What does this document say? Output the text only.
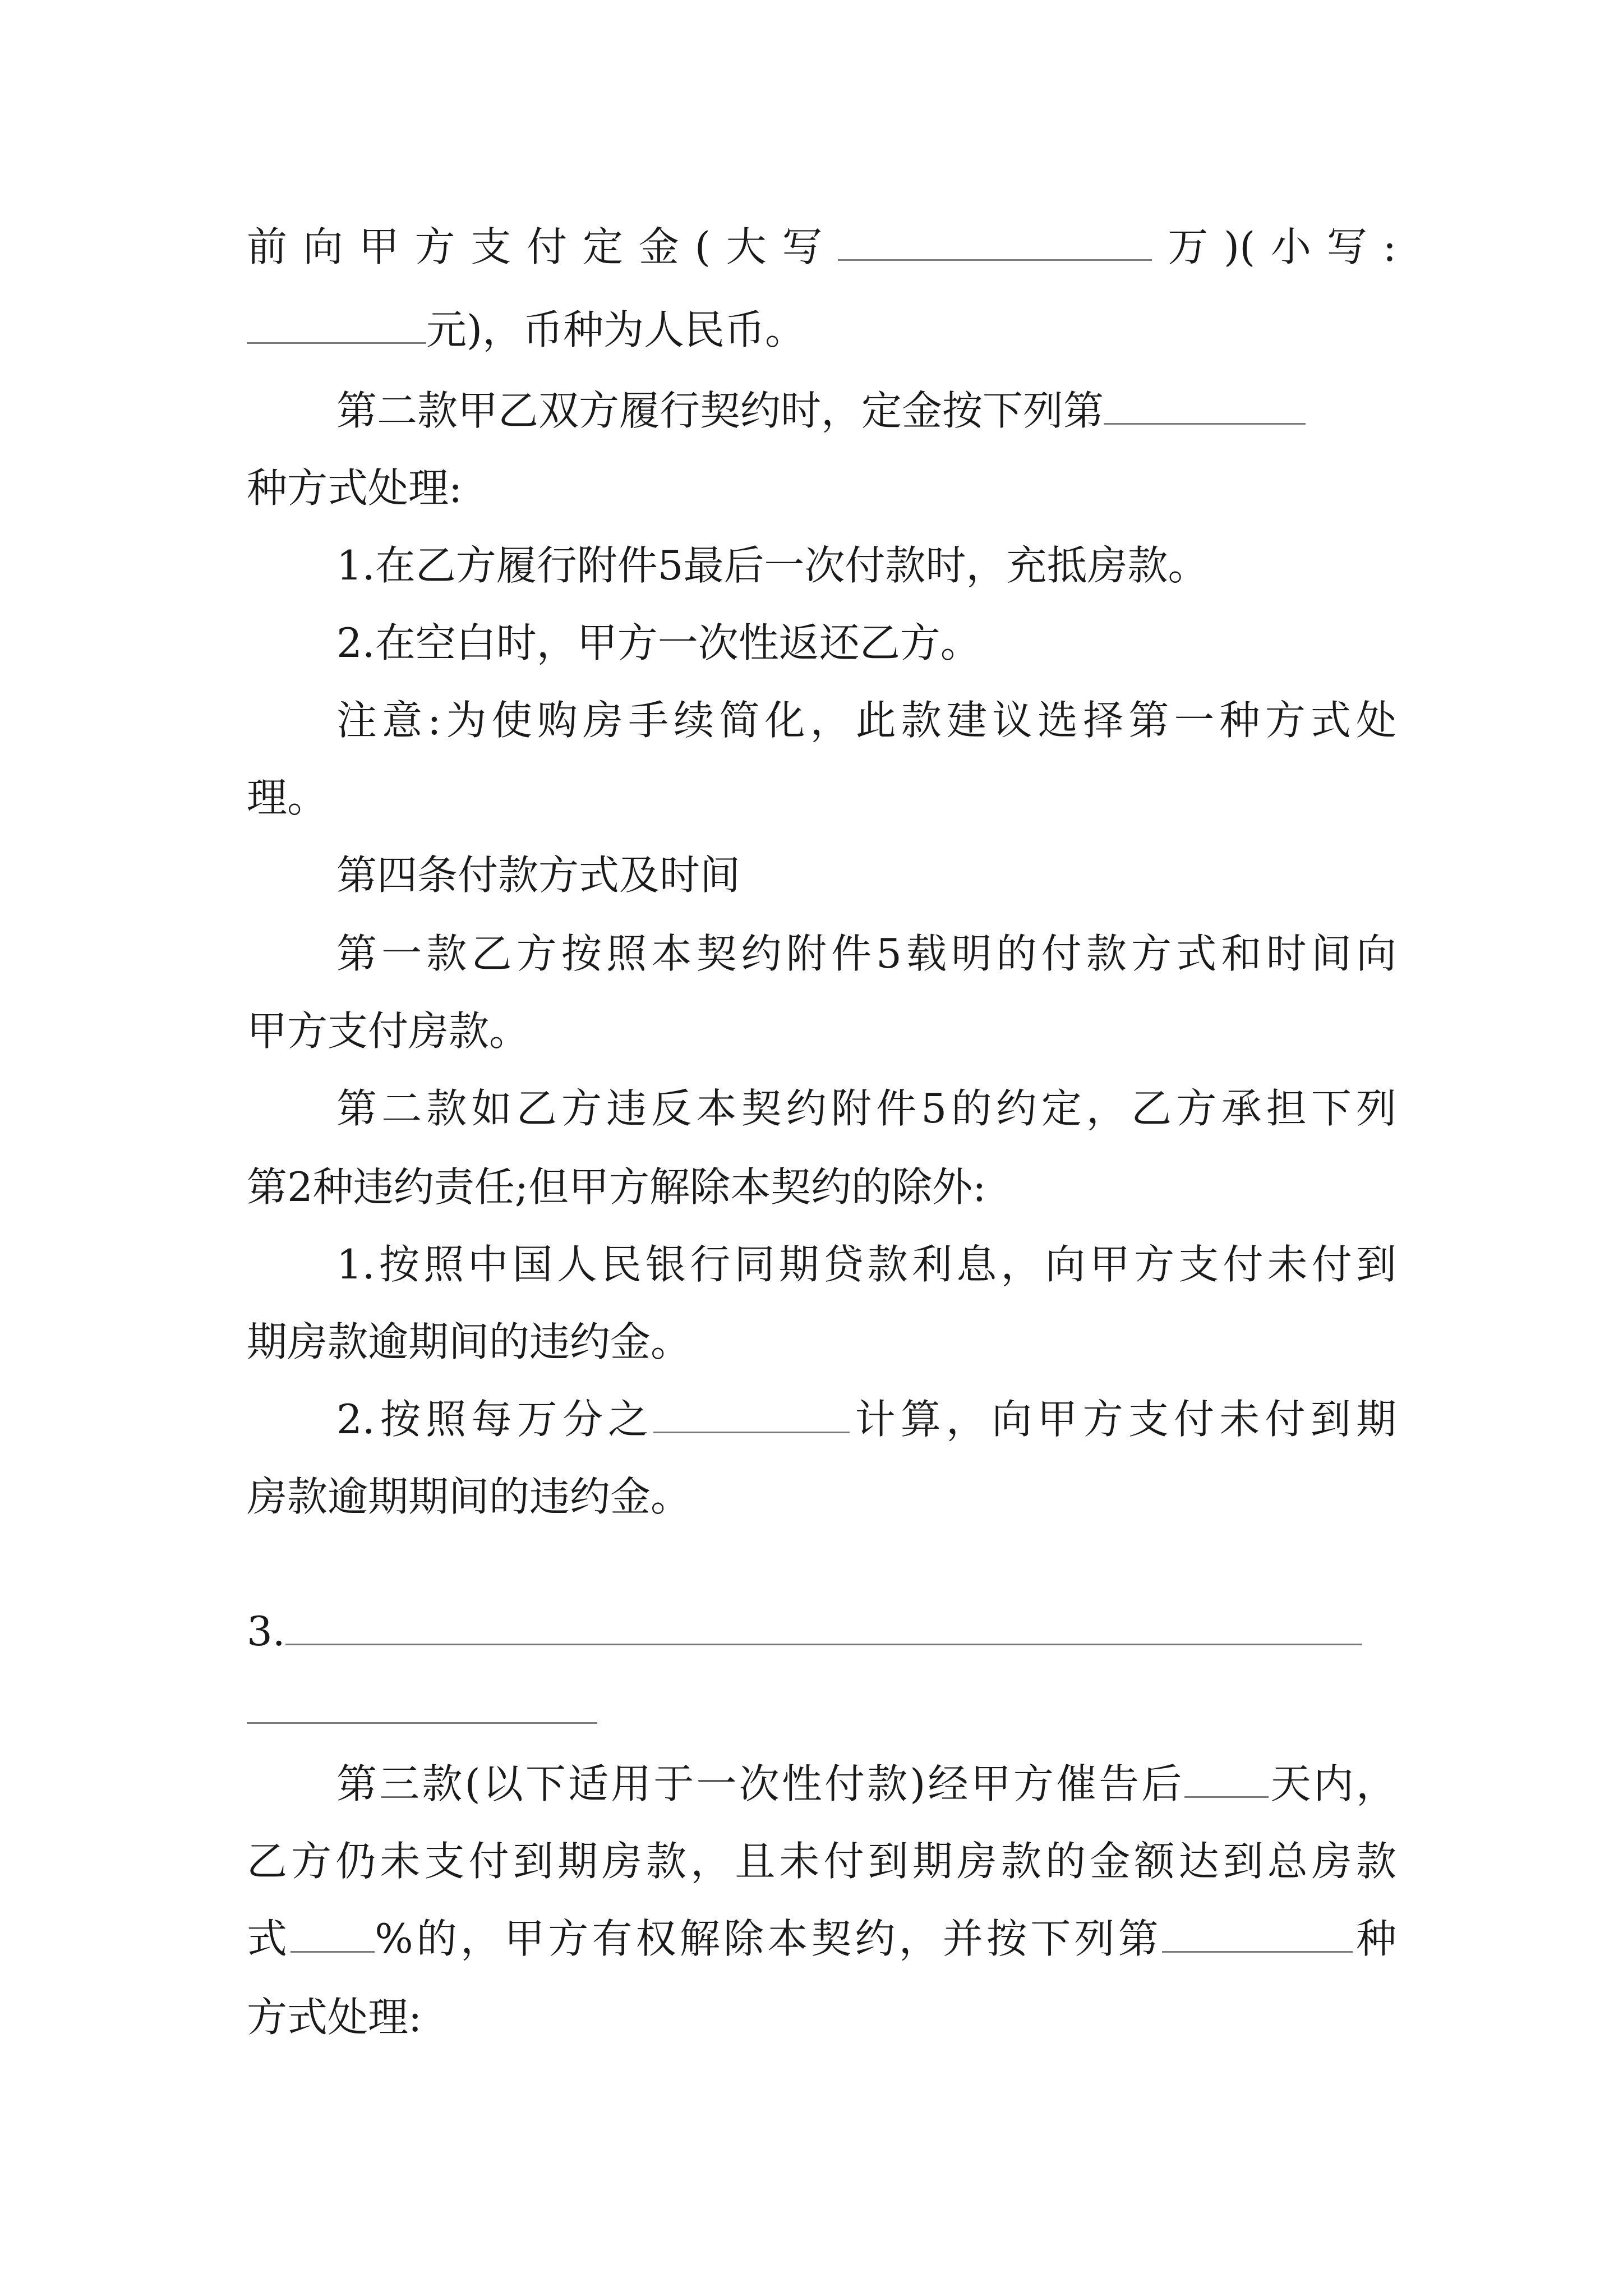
前向甲方支付定金(大写	万)(小写:
元)，币种为人民币。
第二款甲乙双方履行契约时，定金按下列第
种方式处理:
1.在乙方履行附件5最后一次付款时，充抵房款。
2.在空白时，甲方一次性返还乙方。
注意:为使购房手续简化，此款建议选择第一种方式处
理。
第四条付款方式及时间
第一款乙方按照本契约附件5载明的付款方式和时间向
甲方支付房款。
第二款如乙方违反本契约附件5的约定，乙方承担下列
第2种违约责任;但甲方解除本契约的除外:
1.按照中国人民银行同期贷款利息，向甲方支付未付到
期房款逾期间的违约金。
2.按照每万分之	计算，向甲方支付未付到期
房款逾期期间的违约金。
3.
第三款(以下适用于一次性付款)经甲方催告后 天内，
乙方仍未支付到期房款，且未付到期房款的金额达到总房款
式 %的，甲方有权解除本契约，并按下列第	种
方式处理:
